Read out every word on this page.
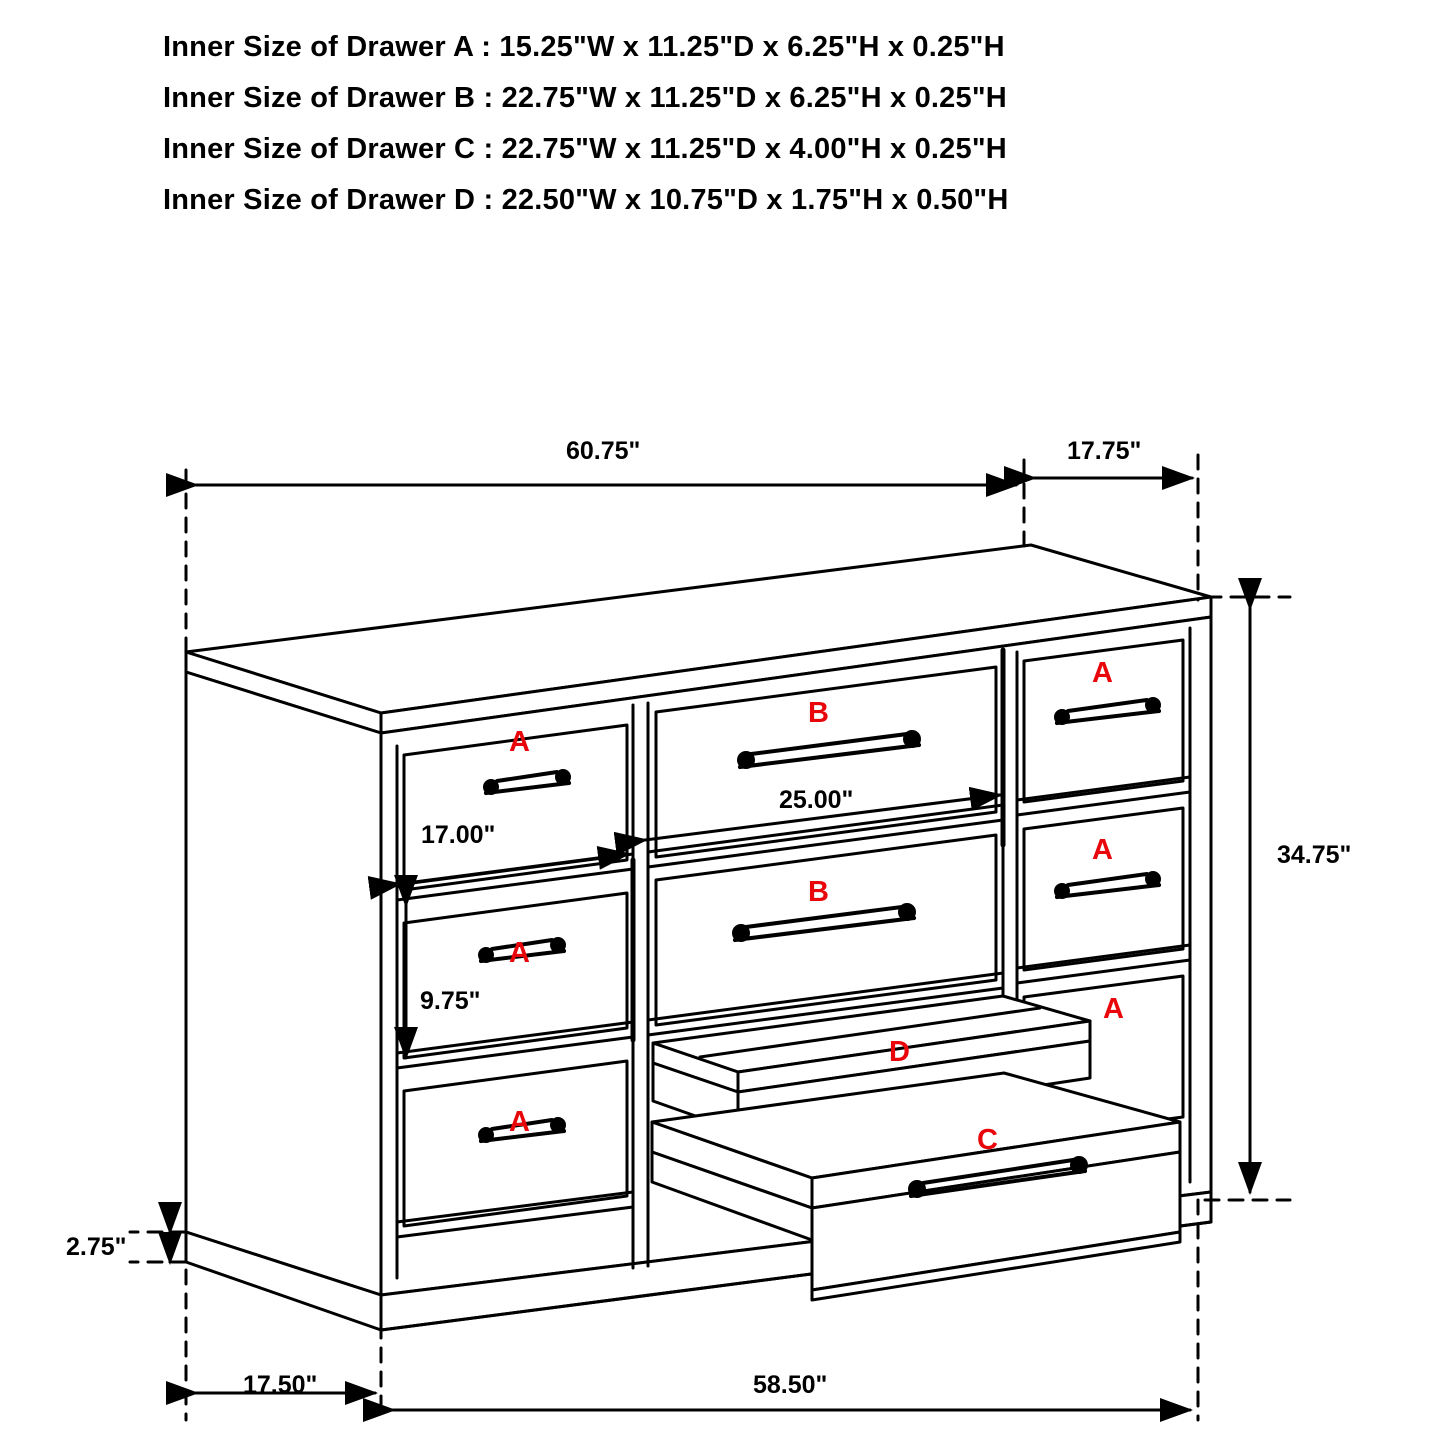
Inner Size of Drawer A : 15.25"W x 11.25"D x 6.25"H x 0.25"H
Inner Size of Drawer B : 22.75"W x 11.25"D x 6.25"H x 0.25"H
Inner Size of Drawer C : 22.75"W x 11.25"D x 4.00"H x 0.25"H
Inner Size of Drawer D : 22.50"W x 10.75"D x 1.75"H x 0.50"H
60.75"	17.75"
34.75"
17.00"
25.00"
9.75"
2.75"
17.50"	58.50"
A
A
A
B
B
A
A
A
D
C
